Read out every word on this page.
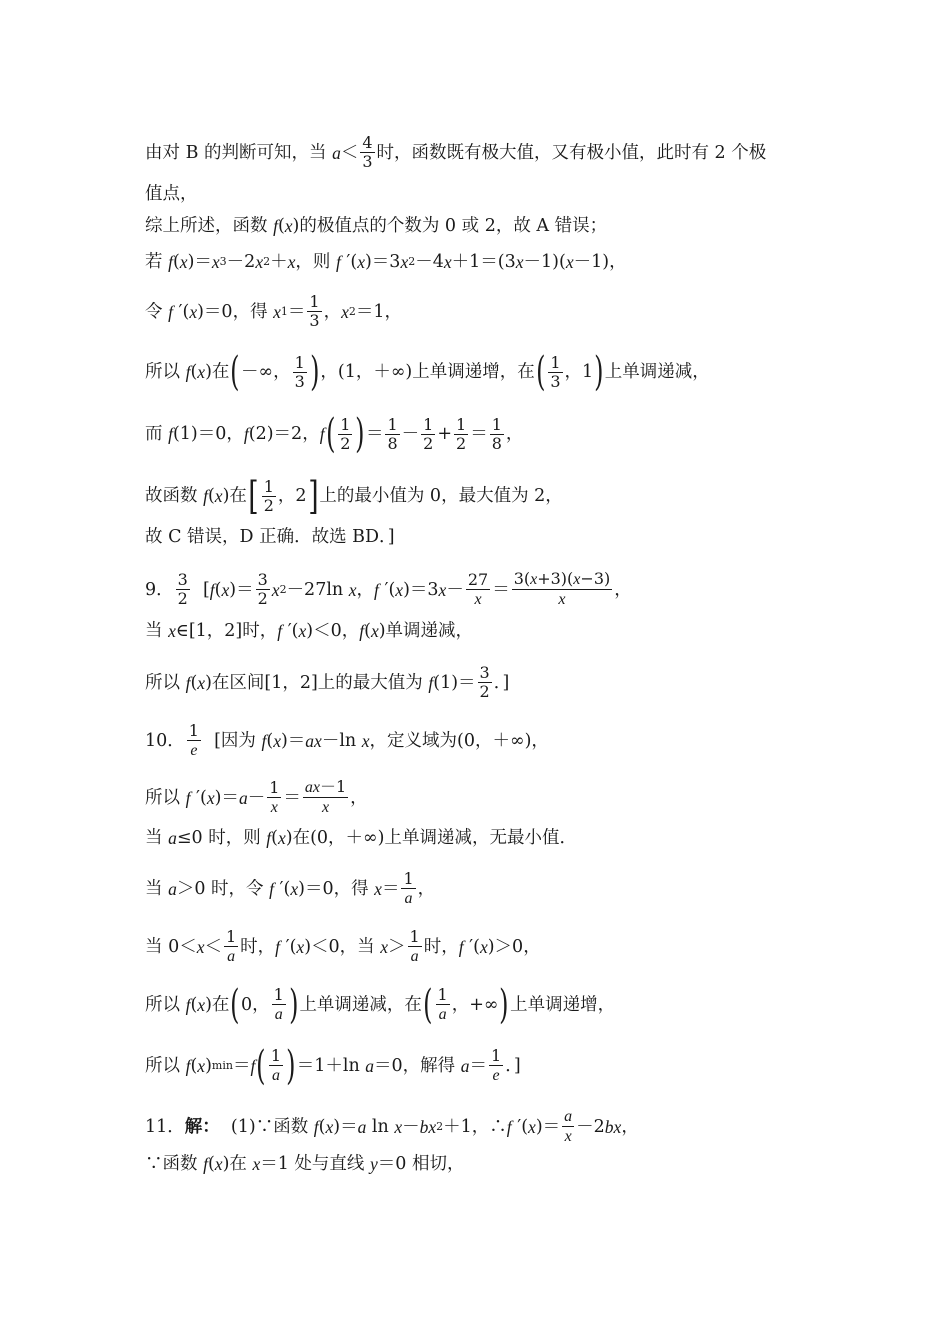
由对 B 的判断可知，当 $a < \frac{4}{3}$ 时，函数既有极大值，又有极小值，此时有 2 个极
值点，
综上所述，函数 f ( x )的极值点的个数为 0 或 2，故 A 错误；
若 f ( x )＝ x 3 －2 x 2 ＋ x ，则 f ′( x )＝3 x 2 －4 x ＋1＝(3 x －1)( x －1)，
令 f ′( x )＝0，得 x $1 = \frac{1}{3}$ ， x 2 ＝1，
所以 f ( x )在 ( －∞， $\frac{1}{3}$ ) ，(1，＋∞)上单调递增，在 ( $\frac{1}{3}$ ，1 ) 上单调递减，
而 f (1)＝0， f (2)＝2， f ( $\frac{1}{2}$ ) ＝ $\frac{1}{8} - \frac{1}{2} + \frac{1}{2} = \frac{1}{8}$ ，
故函数 f ( x )在 [ $\frac{1}{2}$ ，2 ] 上的最小值为 0，最大值为 2，
故 C 错误，D 正确．故选 BD．]
9． $\frac{3}{2}$ [ f ( x )＝ $\frac{3}{2}$ x 2 －27ln x ， f ′( x )＝3 $x - \frac{27}{x} = \frac{3(x+3)(x-3)}{x}$ ，
当 x ∈[1，2]时， f ′( x )＜0， f ( x )单调递减，
所以 f ( x )在区间[1，2]上的最大值为 f $(1)= \frac{3}{2}$ ．]
10． $\frac{1}{e}$ [因为 f ( x )＝ ax －ln x ，定义域为(0，＋∞)，
所以 f ′( x )＝ $a - \frac{1}{x} = \frac{ax-1}{x}$ ，
当 a ≤0 时，则 f ( x )在(0，＋∞)上单调递减，无最小值．
当 a ＞0 时，令 f ′( x )＝0，得 $x = \frac{1}{a}$ ，
当 $0< x < \frac{1}{a}$ 时， f ′( x )＜0，当 $x > \frac{1}{a}$ 时， f ′( x )＞0，
所以 f ( x )在 ( 0， $\frac{1}{a}$ ) 上单调递减，在 ( $\frac{1}{a}$ ，+∞ ) 上单调递增，
所以 f ( x ) min ＝ f ( $\frac{1}{a}$ ) ＝1＋ln a ＝0，解得 $a = \frac{1}{e}$ ．]
11． 解： (1)∵函数 f ( x )＝ a ln x － bx 2 ＋1，∴ f ′( x )＝ $\frac{a}{x} -2$ bx ，
∵函数 f ( x )在 x ＝1 处与直线 y ＝0 相切，
